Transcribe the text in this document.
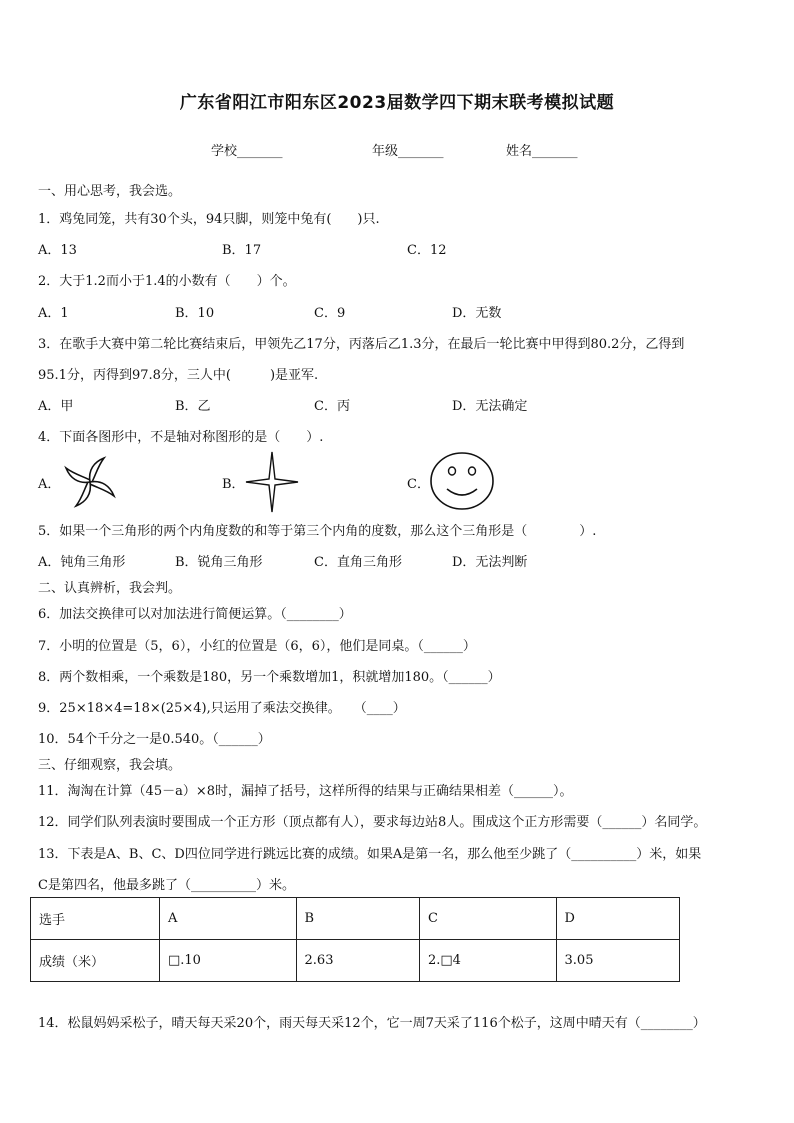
广东省阳江市阳东区2023届数学四下期末联考模拟试题
学校_______	年级_______	姓名_______
一、用心思考，我会选。
1．鸡兔同笼，共有30个头，94只脚，则笼中兔有(　　)只.
A．13	B．17	C．12
2．大于1.2而小于1.4的小数有（　　）个。
A．1	B．10	C．9	D．无数
3．在歌手大赛中第二轮比赛结束后，甲领先乙17分，丙落后乙1.3分，在最后一轮比赛中甲得到80.2分，乙得到
95.1分，丙得到97.8分，三人中(　　　)是亚军.
A．甲	B．乙	C．丙	D．无法确定
4．下面各图形中，不是轴对称图形的是（　　）.
A．	B．	C．
5．如果一个三角形的两个内角度数的和等于第三个内角的度数，那么这个三角形是（　　　　）.
A．钝角三角形	B．锐角三角形	C．直角三角形	D．无法判断
二、认真辨析，我会判。
6．加法交换律可以对加法进行简便运算。（________）
7．小明的位置是（5，6），小红的位置是（6，6），他们是同桌。（______）
8．两个数相乘，一个乘数是180，另一个乘数增加1，积就增加180。（______）
9．25×18×4=18×(25×4),只运用了乘法交换律。　　（____）
10．54个千分之一是0.540。（______）
三、仔细观察，我会填。
11．淘淘在计算（45－a）×8时，漏掉了括号，这样所得的结果与正确结果相差（______）。
12．同学们队列表演时要围成一个正方形（顶点都有人），要求每边站8人。围成这个正方形需要（______）名同学。
13．下表是A、B、C、D四位同学进行跳远比赛的成绩。如果A是第一名，那么他至少跳了（__________）米，如果
C是第四名，他最多跳了（__________）米。
选手	A	B	C	D
成绩（米）	□.10	2.63	2.□4	3.05
14．松鼠妈妈采松子，晴天每天采20个，雨天每天采12个，它一周7天采了116个松子，这周中晴天有（________）
